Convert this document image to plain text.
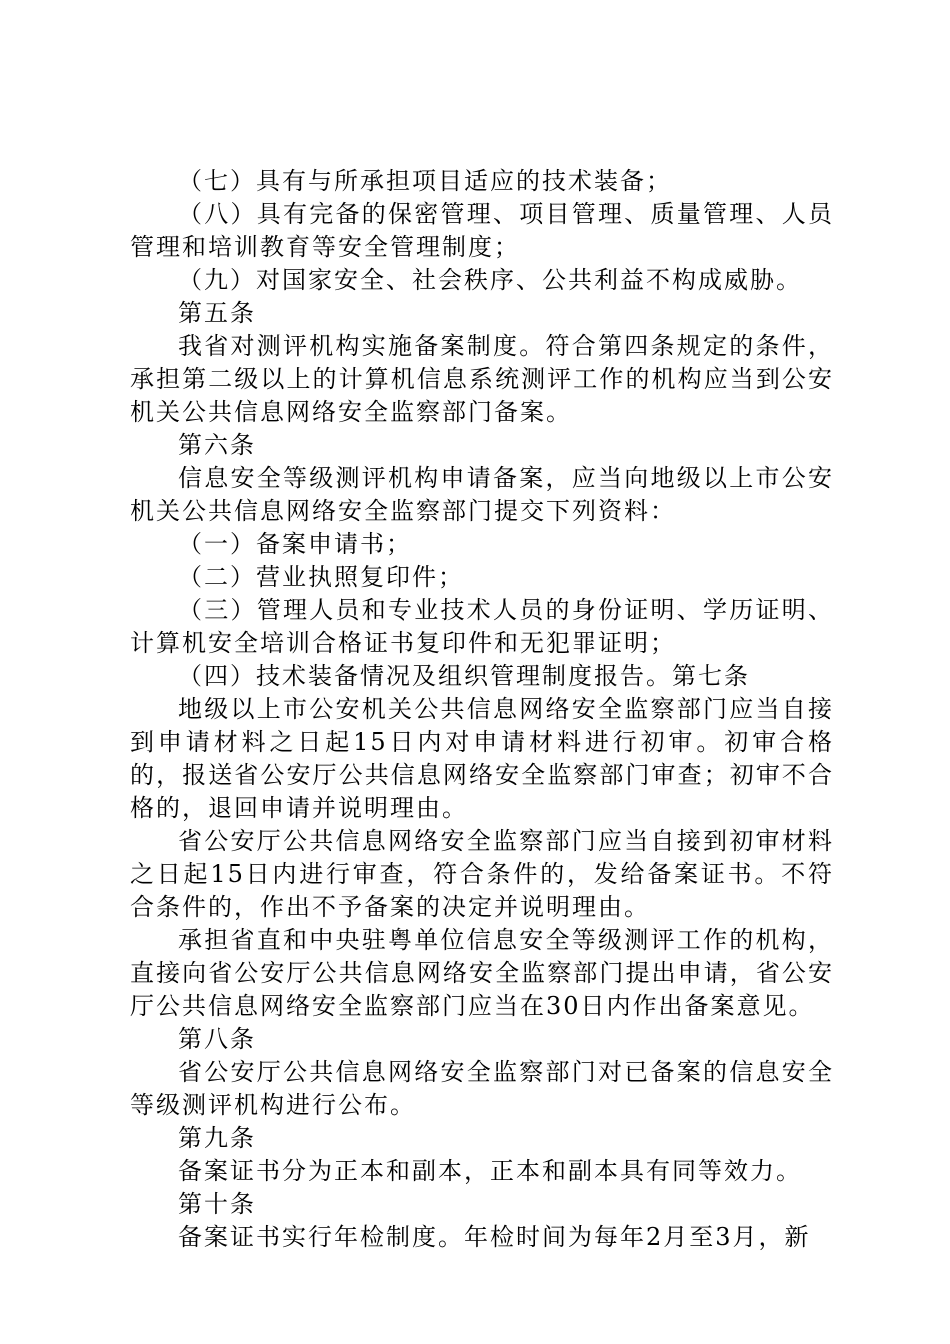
（七）具有与所承担项目适应的技术装备；

（八）具有完备的保密管理、项目管理、质量管理、人员管理和培训教育等安全管理制度；

（九）对国家安全、社会秩序、公共利益不构成威胁。

第五条

我省对测评机构实施备案制度。符合第四条规定的条件，承担第二级以上的计算机信息系统测评工作的机构应当到公安机关公共信息网络安全监察部门备案。

第六条

信息安全等级测评机构申请备案，应当向地级以上市公安机关公共信息网络安全监察部门提交下列资料：

（一）备案申请书；

（二）营业执照复印件；

（三）管理人员和专业技术人员的身份证明、学历证明、计算机安全培训合格证书复印件和无犯罪证明；

（四）技术装备情况及组织管理制度报告。第七条

地级以上市公安机关公共信息网络安全监察部门应当自接到申请材料之日起15日内对申请材料进行初审。初审合格的，报送省公安厅公共信息网络安全监察部门审查；初审不合格的，退回申请并说明理由。

省公安厅公共信息网络安全监察部门应当自接到初审材料之日起15日内进行审查，符合条件的，发给备案证书。不符合条件的，作出不予备案的决定并说明理由。

承担省直和中央驻粤单位信息安全等级测评工作的机构，直接向省公安厅公共信息网络安全监察部门提出申请，省公安厅公共信息网络安全监察部门应当在30日内作出备案意见。

第八条

省公安厅公共信息网络安全监察部门对已备案的信息安全等级测评机构进行公布。

第九条

备案证书分为正本和副本，正本和副本具有同等效力。

第十条

备案证书实行年检制度。年检时间为每年2月至3月，新
